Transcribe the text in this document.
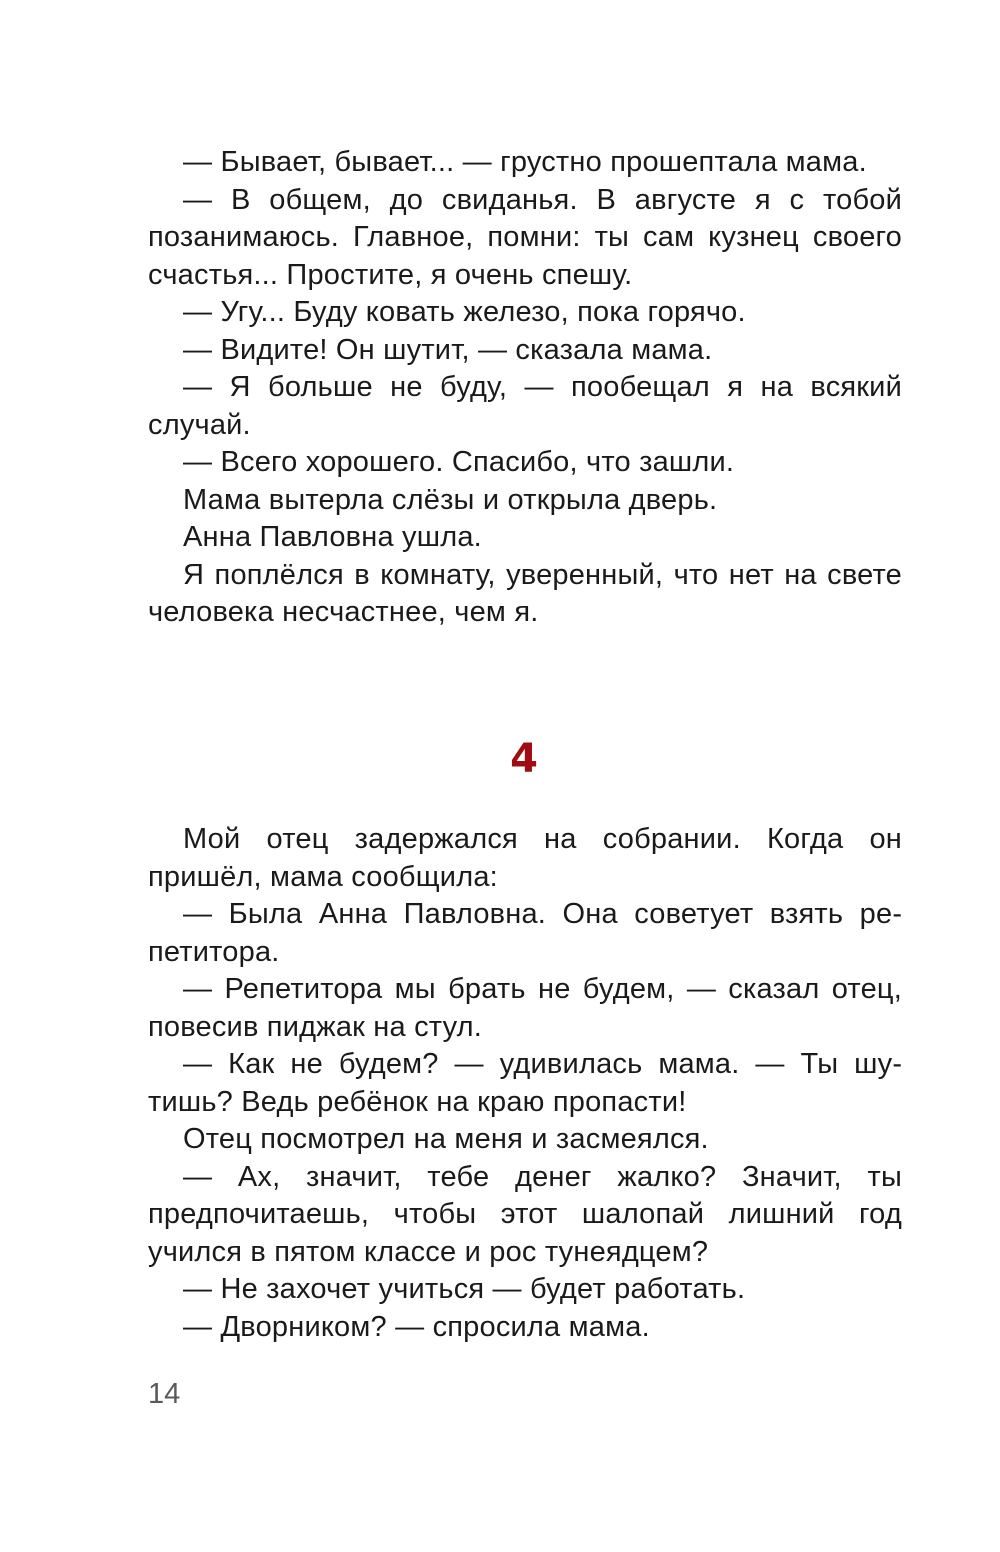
— Бывает, бывает... — грустно прошептала мама.

— В общем, до свиданья. В августе я с тобой позанимаюсь. Главное, помни: ты сам кузнец своего счастья... Простите, я очень спешу.

— Угу... Буду ковать железо, пока горячо.

— Видите! Он шутит, — сказала мама.

— Я больше не буду, — пообещал я на всякий случай.

— Всего хорошего. Спасибо, что зашли.

Мама вытерла слёзы и открыла дверь.

Анна Павловна ушла.

Я поплёлся в комнату, уверенный, что нет на свете человека несчастнее, чем я.

4

Мой отец задержался на собрании. Когда он пришёл, мама сообщила:

— Была Анна Павловна. Она советует взять репетитора.

— Репетитора мы брать не будем, — сказал отец, повесив пиджак на стул.

— Как не будем? — удивилась мама. — Ты шутишь? Ведь ребёнок на краю пропасти!

Отец посмотрел на меня и засмеялся.

— Ах, значит, тебе денег жалко? Значит, ты предпочитаешь, чтобы этот шалопай лишний год учился в пятом классе и рос тунеядцем?

— Не захочет учиться — будет работать.

— Дворником? — спросила мама.

14
